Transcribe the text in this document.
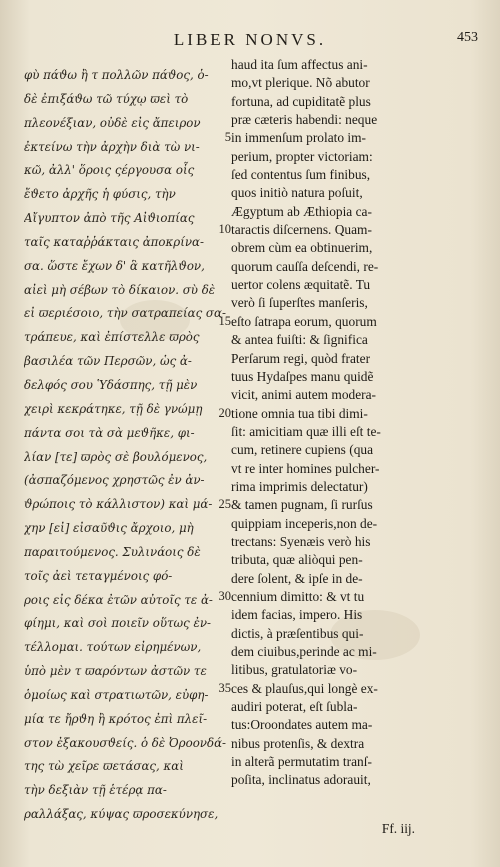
LIBER NONVS.	453
φὺ πάϑω ἢ τ πολλῶν πάϑος, ὁ-
δὲ ἐπιξάϑω τῶ τύχῳ ϖεὶ τὸ
πλεονέξιαν, οὐδὲ εἰς ἄπειρον
ἐκτείνω τὴν ἀρχὴν διὰ τὼ νι-
κῶ, ἀλλ' ὅροις ςέργουσα οἷς
ἔϑετο ἀρχῆς ἡ φύσις, τὴν
Αἴγυπτον ἀπὸ τῆς Αἰϑιοπίας
ταῖς καταῤῥάκταις ἀποκρίνα-
σα. ὥστε ἔχων δ' ἃ κατῆλϑον,
αἰεὶ μὴ σέβων τὸ δίκαιον. σὺ δὲ
εἰ ϖεριέσοιο, τὴν σατραπείας σα-
τράπευε, καὶ ἐπίστελλε ϖρὸς
βασιλέα τῶν Περσῶν, ὡς ἀ-
δελφός σου Ὑδάσπης, τῇ μὲν
χειρὶ κεκράτηκε, τῇ δὲ γνώμῃ
πάντα σοι τὰ σὰ μεϑῆκε, φι-
λίαν [τε] ϖρὸς σὲ βουλόμενος,
(ἀσπαζόμενος χρηστῶς ἐν ἀν-
ϑρώποις τὸ κάλλιστον) καὶ μά-
χην [εἰ] εἰσαῦϑις ἄρχοιο, μὴ
παραιτούμενος. Συλινάοις δὲ
τοῖς ἀεὶ τεταγμένοις φό-
ροις εἰς δέκα ἐτῶν αὐτοῖς τε ἀ-
φίημι, καὶ σοὶ ποιεῖν οὕτως ἐν-
τέλλομαι. τούτων εἰρημένων,
ὑπὸ μὲν τ ϖαρόντων ἀστῶν τε
ὁμοίως καὶ στρατιωτῶν, εὐφη-
μία τε ἤρϑη ἢ κρότος ἐπὶ πλεῖ-
στον ἐξακουσϑείς. ὁ δὲ Ὀροονδά-
της τὼ χεῖρε ϖετάσας, καὶ
τὴν δεξιὰν τῇ ἑτέρᾳ πα-
ραλλάξας, κύψας ϖροσεκύνησε,
haud ita ſum affectus ani-
mo,vt plerique. Nõ abutor
fortuna, ad cupiditatẽ plus
præ cæteris habendi: neque
in immenſum prolato im-
perium, propter victoriam:
ſed contentus ſum finibus,
quos initiò natura poſuit,
Ægyptum ab Æthiopia ca-
taractis diſcernens. Quam-
obrem cùm ea obtinuerim,
quorum cauſſa deſcendi, re-
uertor colens æquitatẽ. Tu
verò ſi ſuperſtes manſeris,
eſto ſatrapa eorum, quorum
& antea fuiſti: & ſignifica
Perſarum regi, quòd frater
tuus Hydaſpes manu quidẽ
vicit, animi autem modera-
tione omnia tua tibi dimi-
ſit: amicitiam quæ illi eſt te-
cum, retinere cupiens (qua
vt re inter homines pulcher-
rima imprimis delectatur)
& tamen pugnam, ſi rurſus
quippiam inceperis,non de-
trectans: Syenæis verò his
tributa, quæ aliòqui pen-
dere ſolent, & ipſe in de-
cennium dimitto: & vt tu
idem facias, impero. His
dictis, à præſentibus qui-
dem ciuibus,perinde ac mi-
litibus, gratulatoriæ vo-
ces & plauſus,qui longè ex-
audiri poterat, eſt ſubla-
tus:Oroondates autem ma-
nibus protenſis, & dextra
in alterã permutatim tranſ-
poſita, inclinatus adorauit,
5
10
15
20
25
30
35
Ff. iij.
